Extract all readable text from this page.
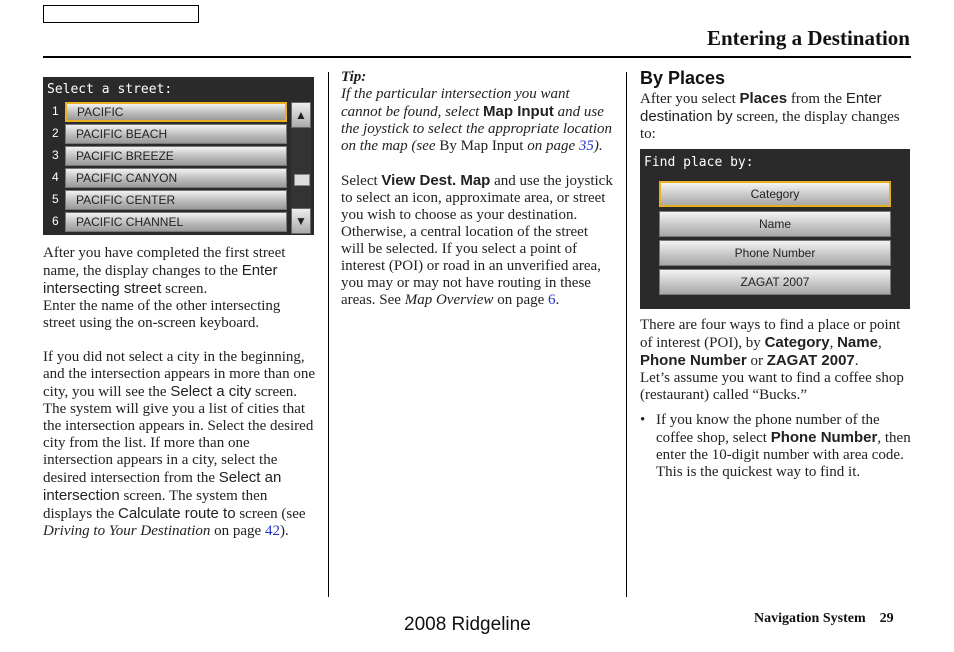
Entering a Destination
Select a street:
1	PACIFIC
2	PACIFIC BEACH
3	PACIFIC BREEZE
4	PACIFIC CANYON
5	PACIFIC CENTER
6	PACIFIC CHANNEL
▲
▼

After you have completed the first street name, the display changes to the Enter intersecting street screen.
Enter the name of the other intersecting street using the on-screen keyboard.

If you did not select a city in the beginning, and the intersection appears in more than one city, you will see the Select a city screen. The system will give you a list of cities that the intersection appears in. Select the desired city from the list. If more than one intersection appears in a city, select the desired intersection from the Select an intersection screen. The system then displays the Calculate route to screen (see Driving to Your Destination on page 42).

Tip:
If the particular intersection you want cannot be found, select Map Input and use the joystick to select the appropriate location on the map (see By Map Input on page 35).

Select View Dest. Map and use the joystick to select an icon, approximate area, or street you wish to choose as your destination. Otherwise, a central location of the street will be selected. If you select a point of interest (POI) or road in an unverified area, you may or may not have routing in these areas. See Map Overview on page 6.

By Places

After you select Places from the Enter destination by screen, the display changes to:

Find place by:
Category
Name
Phone Number
ZAGAT 2007

There are four ways to find a place or point of interest (POI), by Category, Name, Phone Number or ZAGAT 2007.
Let’s assume you want to find a coffee shop (restaurant) called “Bucks.”

• If you know the phone number of the coffee shop, select Phone Number, then enter the 10-digit number with area code. This is the quickest way to find it.
2008 Ridgeline	Navigation System 29
